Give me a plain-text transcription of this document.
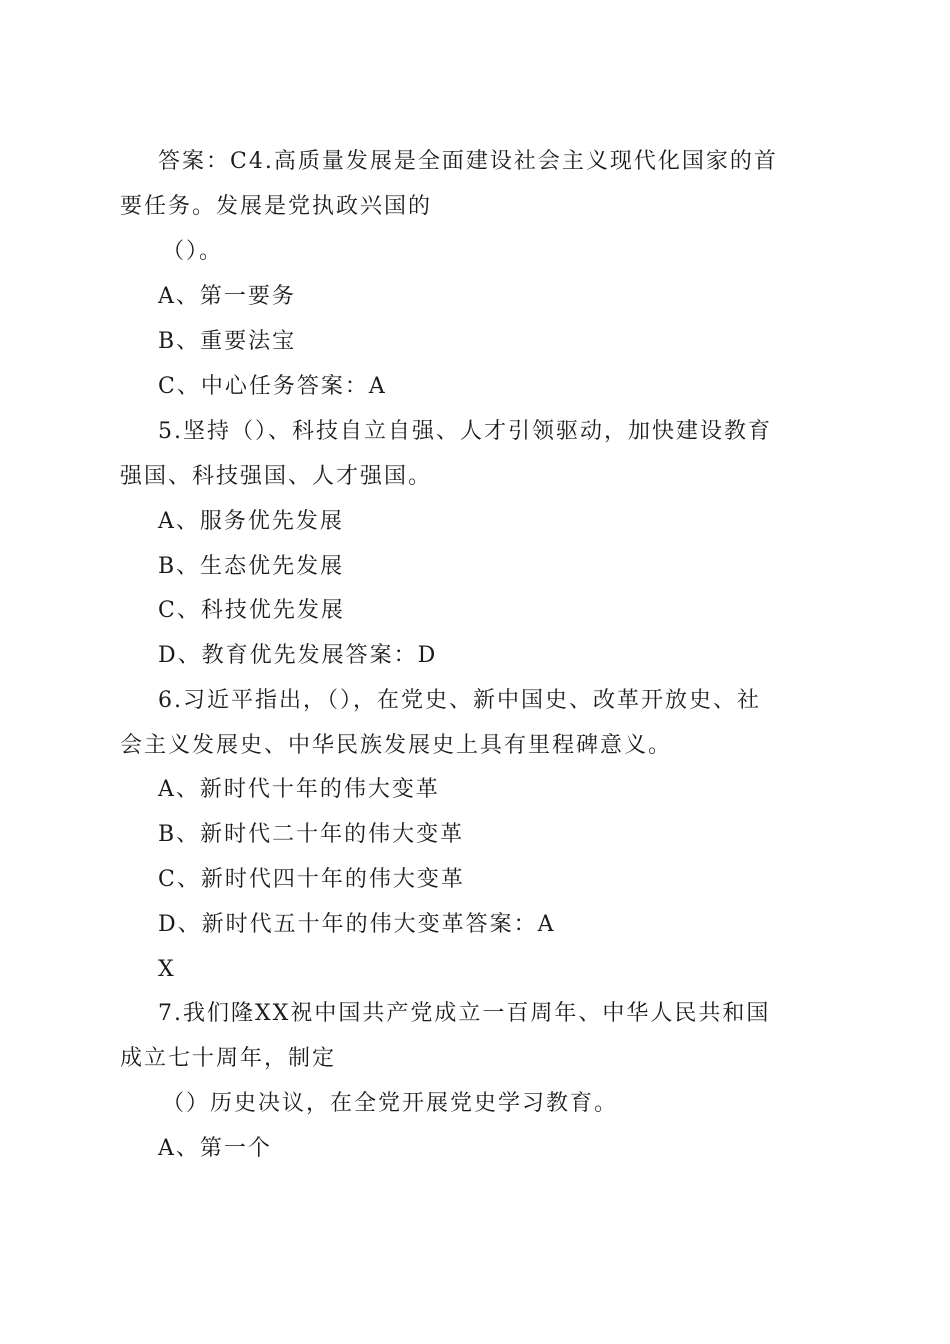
答案：C4.高质量发展是全面建设社会主义现代化国家的首
要任务。发展是党执政兴国的
（）。
A、第一要务
B、重要法宝
C、中心任务答案：A
5.坚持（）、科技自立自强、人才引领驱动，加快建设教育
强国、科技强国、人才强国。
A、服务优先发展
B、生态优先发展
C、科技优先发展
D、教育优先发展答案：D
6.习近平指出，（），在党史、新中国史、改革开放史、社
会主义发展史、中华民族发展史上具有里程碑意义。
A、新时代十年的伟大变革
B、新时代二十年的伟大变革
C、新时代四十年的伟大变革
D、新时代五十年的伟大变革答案：A
X
7.我们隆XX祝中国共产党成立一百周年、中华人民共和国
成立七十周年，制定
（）历史决议，在全党开展党史学习教育。
A、第一个
